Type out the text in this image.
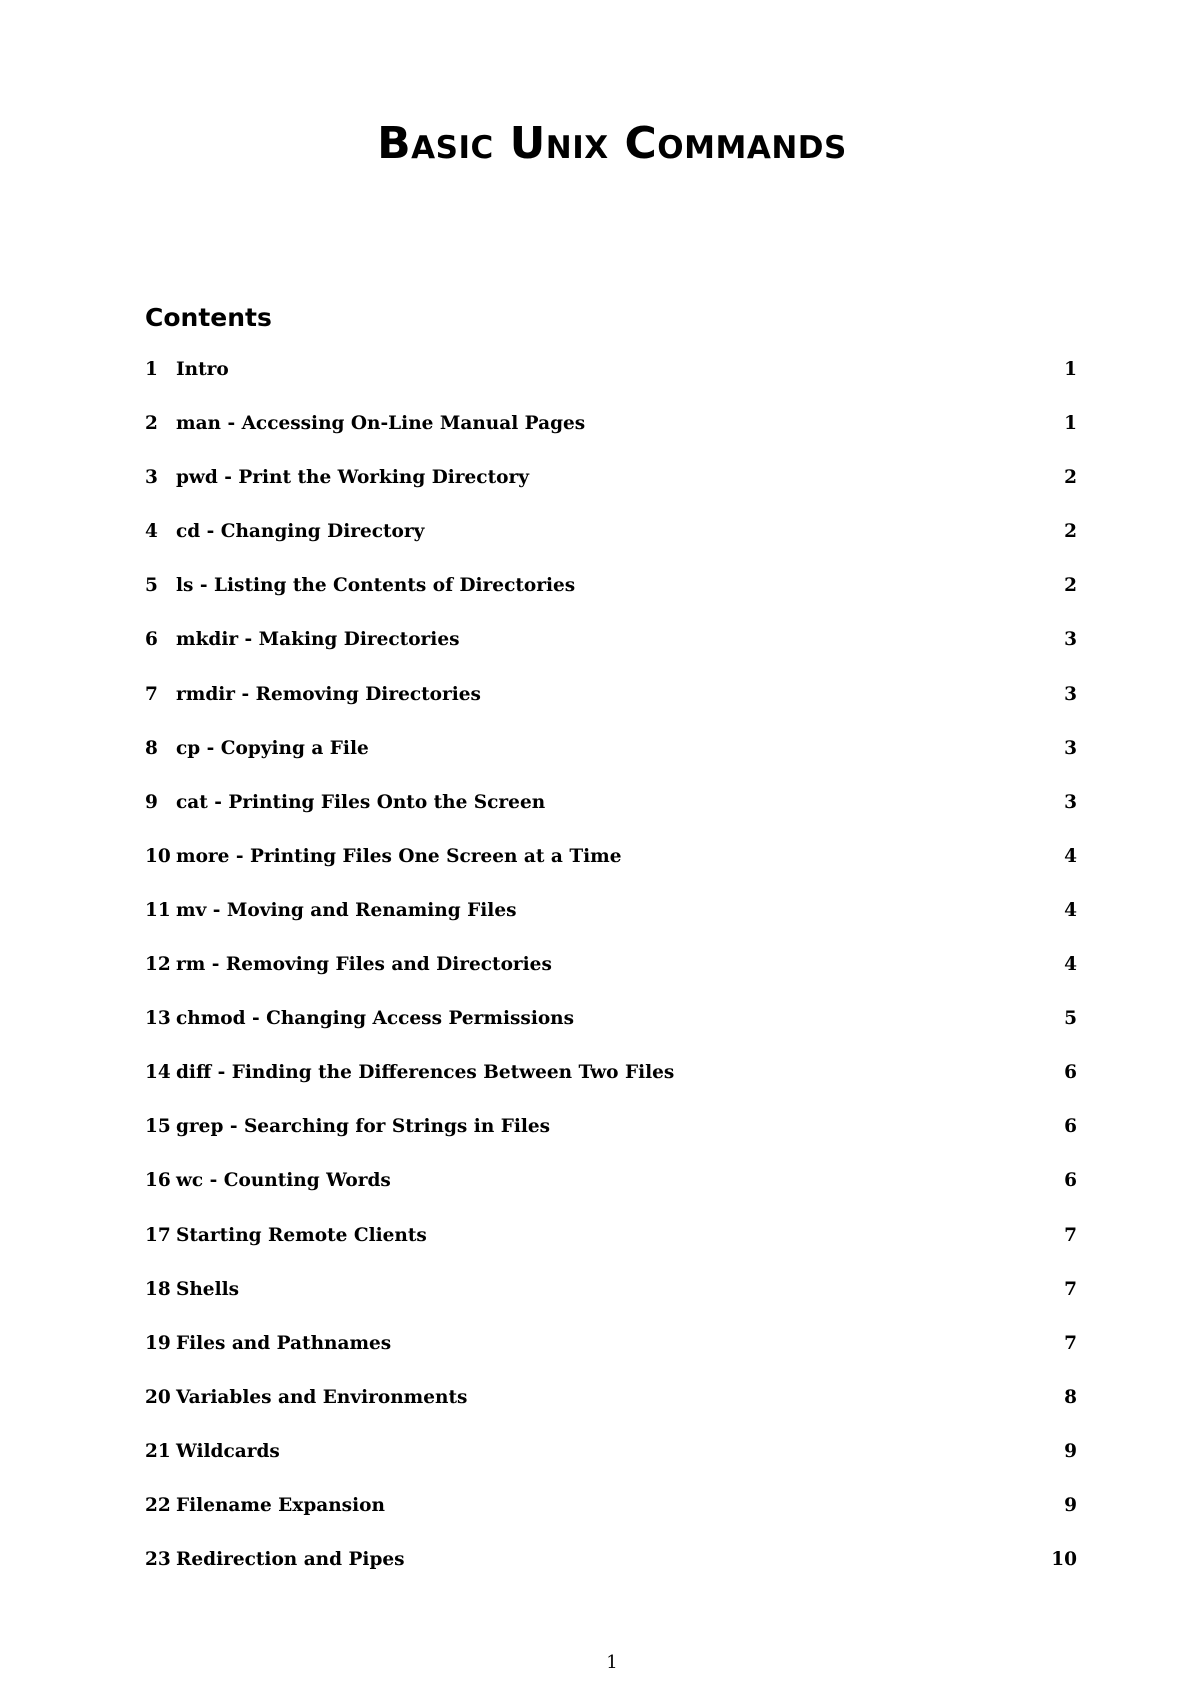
Basic Unix Commands
Contents
1 Intro	1
2 man - Accessing On-Line Manual Pages	1
3 pwd - Print the Working Directory	2
4 cd - Changing Directory	2
5 ls - Listing the Contents of Directories	2
6 mkdir - Making Directories	3
7 rmdir - Removing Directories	3
8 cp - Copying a File	3
9 cat - Printing Files Onto the Screen	3
10 more - Printing Files One Screen at a Time	4
11 mv - Moving and Renaming Files	4
12 rm - Removing Files and Directories	4
13 chmod - Changing Access Permissions	5
14 diff - Finding the Differences Between Two Files	6
15 grep - Searching for Strings in Files	6
16 wc - Counting Words	6
17 Starting Remote Clients	7
18 Shells	7
19 Files and Pathnames	7
20 Variables and Environments	8
21 Wildcards	9
22 Filename Expansion	9
23 Redirection and Pipes	10
1
